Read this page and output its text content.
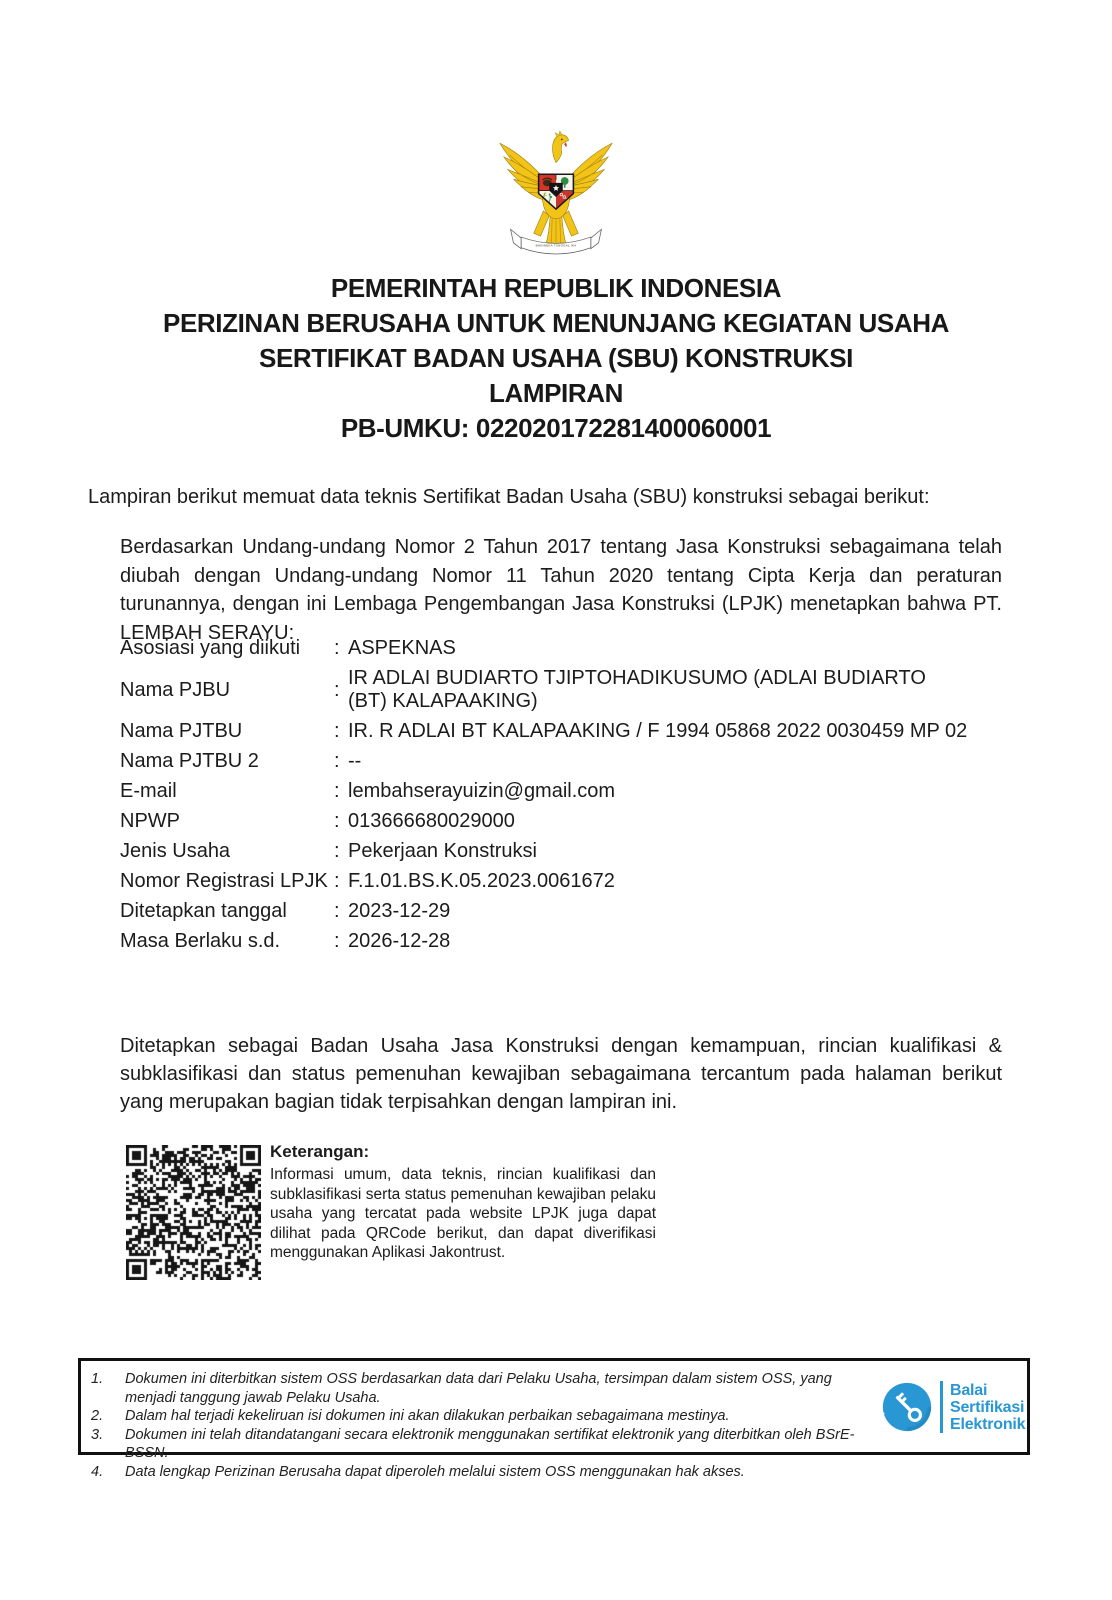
BHINNEKA TUNGGAL IKA
PEMERINTAH REPUBLIK INDONESIA
PERIZINAN BERUSAHA UNTUK MENUNJANG KEGIATAN USAHA
SERTIFIKAT BADAN USAHA (SBU) KONSTRUKSI
LAMPIRAN
PB-UMKU: 022020172281400060001
Lampiran berikut memuat data teknis Sertifikat Badan Usaha (SBU) konstruksi sebagai berikut:
Berdasarkan Undang-undang Nomor 2 Tahun 2017 tentang Jasa Konstruksi sebagaimana telah diubah dengan Undang-undang Nomor 11 Tahun 2020 tentang Cipta Kerja dan peraturan turunannya, dengan ini Lembaga Pengembangan Jasa Konstruksi (LPJK) menetapkan bahwa PT. LEMBAH SERAYU:
Asosiasi yang diikuti	: ASPEKNAS
Nama PJBU	:
IR ADLAI BUDIARTO TJIPTOHADIKUSUMO (ADLAI BUDIARTO (BT) KALAPAAKING)
Nama PJTBU	: IR. R ADLAI BT KALAPAAKING / F 1994 05868 2022 0030459 MP 02
Nama PJTBU 2	: --
E-mail	: lembahserayuizin@gmail.com
NPWP	: 013666680029000
Jenis Usaha	: Pekerjaan Konstruksi
Nomor Registrasi LPJK : F.1.01.BS.K.05.2023.0061672
Ditetapkan tanggal	: 2023-12-29
Masa Berlaku s.d.	: 2026-12-28
Ditetapkan sebagai Badan Usaha Jasa Konstruksi dengan kemampuan, rincian kualifikasi & subklasifikasi dan status pemenuhan kewajiban sebagaimana tercantum pada halaman berikut yang merupakan bagian tidak terpisahkan dengan lampiran ini.
Keterangan:
Informasi umum, data teknis, rincian kualifikasi dan subklasifikasi serta status pemenuhan kewajiban pelaku usaha yang tercatat pada website LPJK juga dapat dilihat pada QRCode berikut, dan dapat diverifikasi menggunakan Aplikasi Jakontrust.
1.	Dokumen ini diterbitkan sistem OSS berdasarkan data dari Pelaku Usaha, tersimpan dalam sistem OSS, yang menjadi tanggung jawab Pelaku Usaha.
2.	Dalam hal terjadi kekeliruan isi dokumen ini akan dilakukan perbaikan sebagaimana mestinya.
3.	Dokumen ini telah ditandatangani secara elektronik menggunakan sertifikat elektronik yang diterbitkan oleh BSrE-BSSN.
4.	Data lengkap Perizinan Berusaha dapat diperoleh melalui sistem OSS menggunakan hak akses.
Balai
Sertifikasi
Elektronik
